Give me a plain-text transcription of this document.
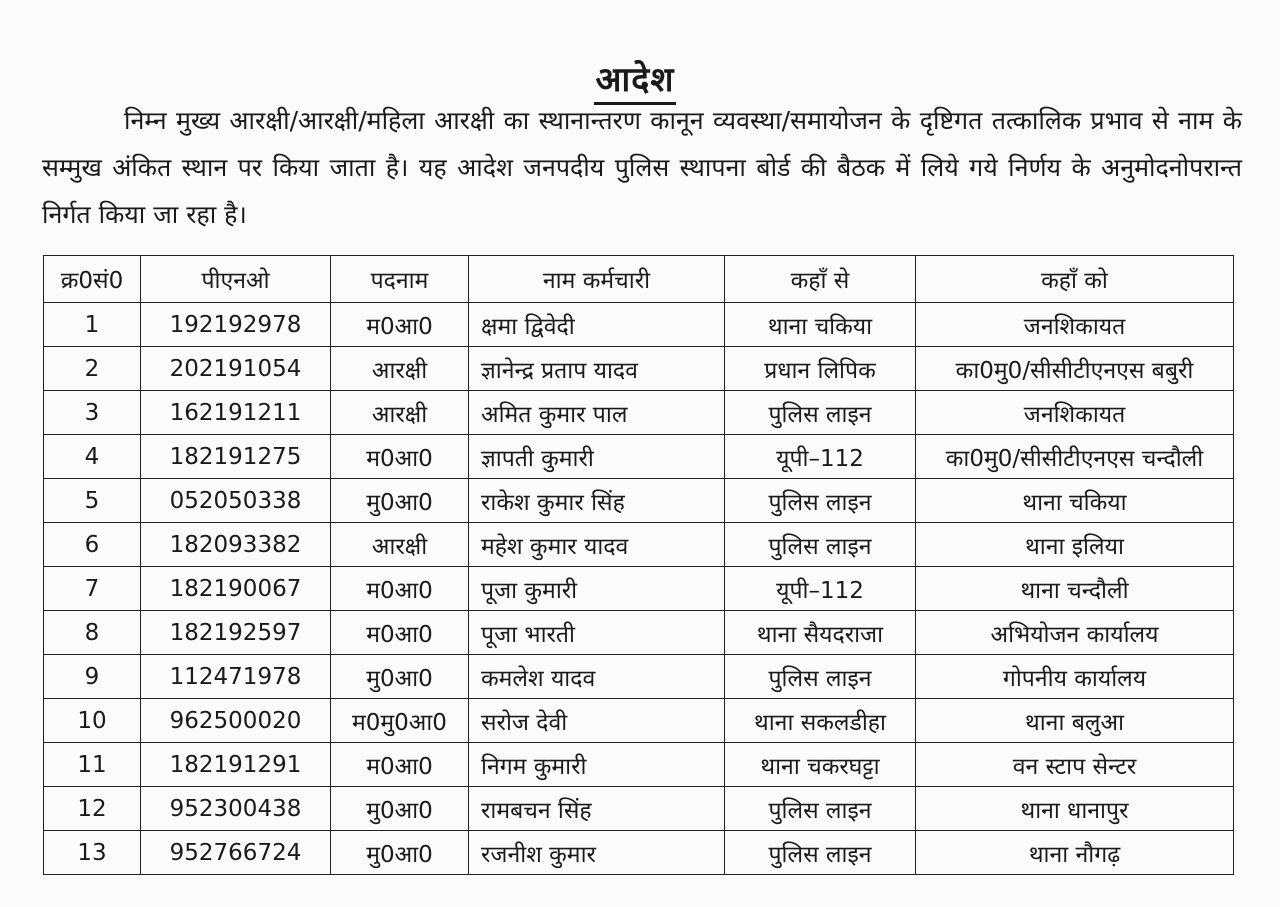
आदेश
निम्न मुख्य आरक्षी/आरक्षी/महिला आरक्षी का स्थानान्तरण कानून व्यवस्था/समायोजन के दृष्टिगत तत्कालिक प्रभाव से नाम के सम्मुख अंकित स्थान पर किया जाता है। यह आदेश जनपदीय पुलिस स्थापना बोर्ड की बैठक में लिये गये निर्णय के अनुमोदनोपरान्त निर्गत किया जा रहा है।
क्र0सं0	पीएनओ	पदनाम	नाम कर्मचारी	कहाँ से	कहाँ को
1	192192978	म0आ0	क्षमा द्विवेदी	थाना चकिया	जनशिकायत
2	202191054	आरक्षी	ज्ञानेन्द्र प्रताप यादव	प्रधान लिपिक	का0मु0/सीसीटीएनएस बबुरी
3	162191211	आरक्षी	अमित कुमार पाल	पुलिस लाइन	जनशिकायत
4	182191275	म0आ0	ज्ञापती कुमारी	यूपी–112	का0मु0/सीसीटीएनएस चन्दौली
5	052050338	मु0आ0	राकेश कुमार सिंह	पुलिस लाइन	थाना चकिया
6	182093382	आरक्षी	महेश कुमार यादव	पुलिस लाइन	थाना इलिया
7	182190067	म0आ0	पूजा कुमारी	यूपी–112	थाना चन्दौली
8	182192597	म0आ0	पूजा भारती	थाना सैयदराजा	अभियोजन कार्यालय
9	112471978	मु0आ0	कमलेश यादव	पुलिस लाइन	गोपनीय कार्यालय
10	962500020	म0मु0आ0	सरोज देवी	थाना सकलडीहा	थाना बलुआ
11	182191291	म0आ0	निगम कुमारी	थाना चकरघट्टा	वन स्टाप सेन्टर
12	952300438	मु0आ0	रामबचन सिंह	पुलिस लाइन	थाना धानापुर
13	952766724	मु0आ0	रजनीश कुमार	पुलिस लाइन	थाना नौगढ़
